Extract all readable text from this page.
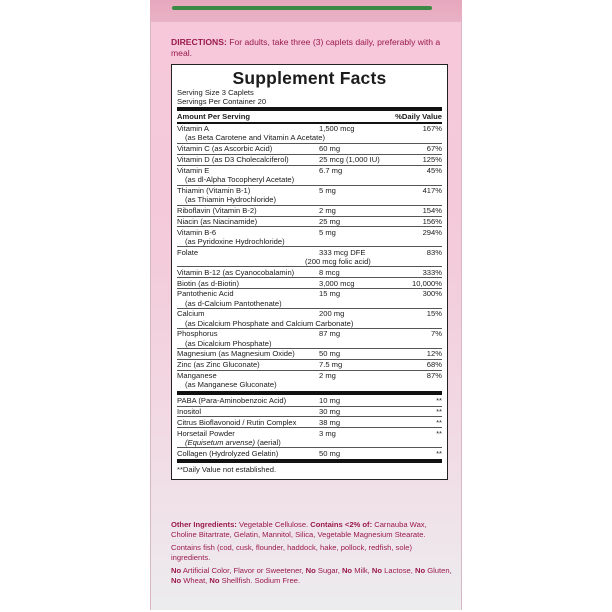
DIRECTIONS: For adults, take three (3) caplets daily, preferably with a meal.
Supplement Facts
Serving Size 3 Caplets
Servings Per Container 20
Amount Per Serving	%Daily Value
Vitamin A	1,500 mcg	167%
(as Beta Carotene and Vitamin A Acetate)
Vitamin C (as Ascorbic Acid)	60 mg	67%
Vitamin D (as D3 Cholecalciferol)	25 mcg (1,000 IU)	125%
Vitamin E	6.7 mg	45%
(as dl-Alpha Tocopheryl Acetate)
Thiamin (Vitamin B-1)	5 mg	417%
(as Thiamin Hydrochloride)
Riboflavin (Vitamin B-2)	2 mg	154%
Niacin (as Niacinamide)	25 mg	156%
Vitamin B-6	5 mg	294%
(as Pyridoxine Hydrochloride)
Folate	333 mcg DFE	83%
(200 mcg folic acid)
Vitamin B-12 (as Cyanocobalamin)	8 mcg	333%
Biotin (as d-Biotin)	3,000 mcg	10,000%
Pantothenic Acid	15 mg	300%
(as d-Calcium Pantothenate)
Calcium	200 mg	15%
(as Dicalcium Phosphate and Calcium Carbonate)
Phosphorus	87 mg	7%
(as Dicalcium Phosphate)
Magnesium (as Magnesium Oxide)	50 mg	12%
Zinc (as Zinc Gluconate)	7.5 mg	68%
Manganese	2 mg	87%
(as Manganese Gluconate)
PABA (Para-Aminobenzoic Acid)	10 mg	**
Inositol	30 mg	**
Citrus Bioflavonoid / Rutin Complex	38 mg	**
Horsetail Powder	3 mg	**
(Equisetum arvense) (aerial)
Collagen (Hydrolyzed Gelatin)	50 mg	**
**Daily Value not established.

Other Ingredients: Vegetable Cellulose. Contains <2% of: Carnauba Wax, Choline Bitartrate, Gelatin, Mannitol, Silica, Vegetable Magnesium Stearate.

Contains fish (cod, cusk, flounder, haddock, hake, pollock, redfish, sole) ingredients.

No Artificial Color, Flavor or Sweetener, No Sugar, No Milk, No Lactose, No Gluten, No Wheat, No Shellfish. Sodium Free.
